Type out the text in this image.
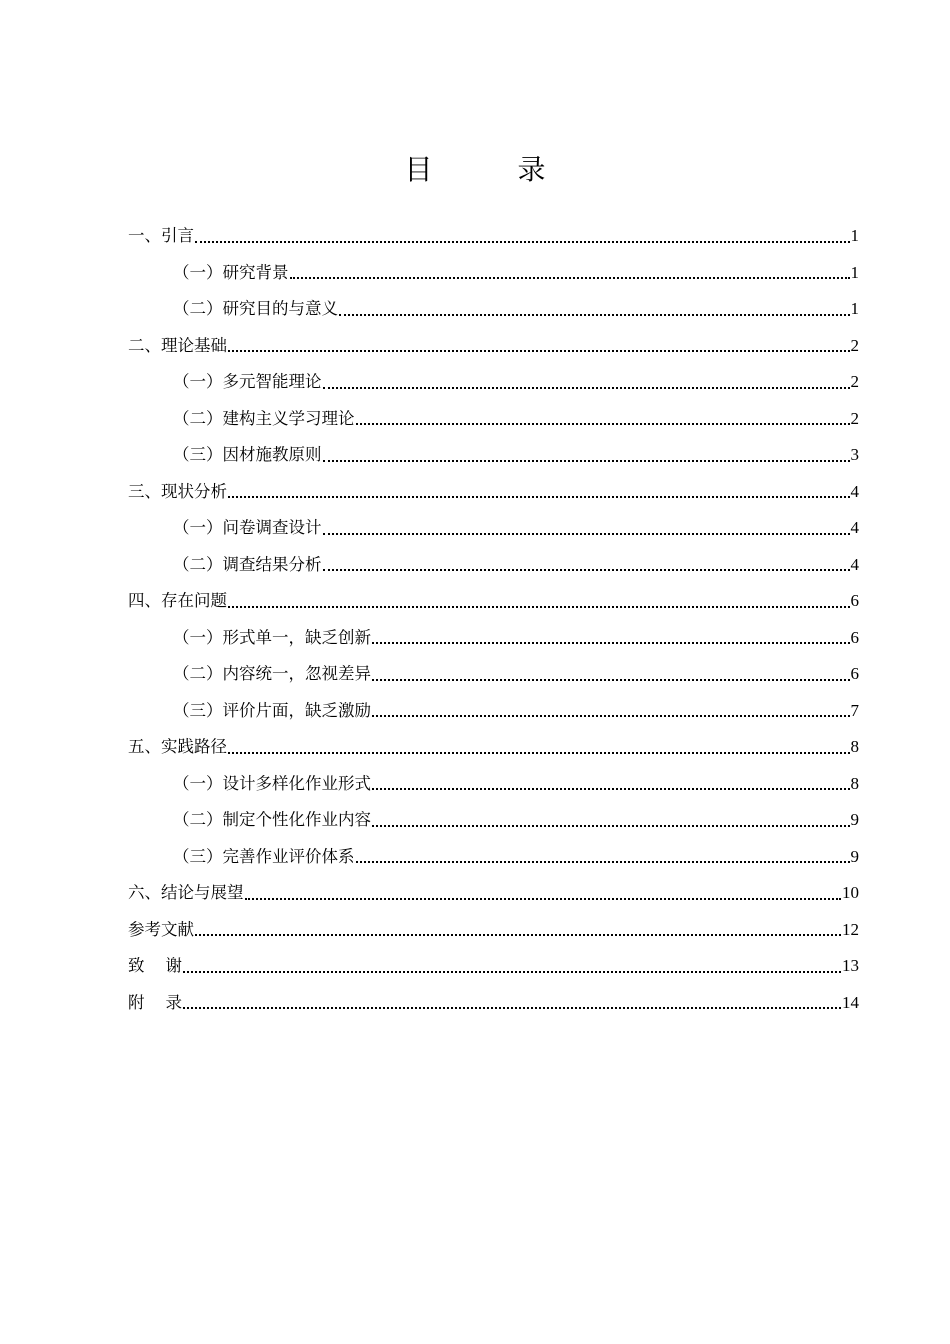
目 录
一、引言	1
（一）研究背景	1
（二）研究目的与意义	1
二、理论基础	2
（一）多元智能理论	2
（二）建构主义学习理论	2
（三）因材施教原则	3
三、现状分析	4
（一）问卷调查设计	4
（二）调查结果分析	4
四、存在问题	6
（一）形式单一，缺乏创新	6
（二）内容统一，忽视差异	6
（三）评价片面，缺乏激励	7
五、实践路径	8
（一）设计多样化作业形式	8
（二）制定个性化作业内容	9
（三）完善作业评价体系	9
六、结论与展望	10
参考文献	12
致    谢	13
附    录	14
